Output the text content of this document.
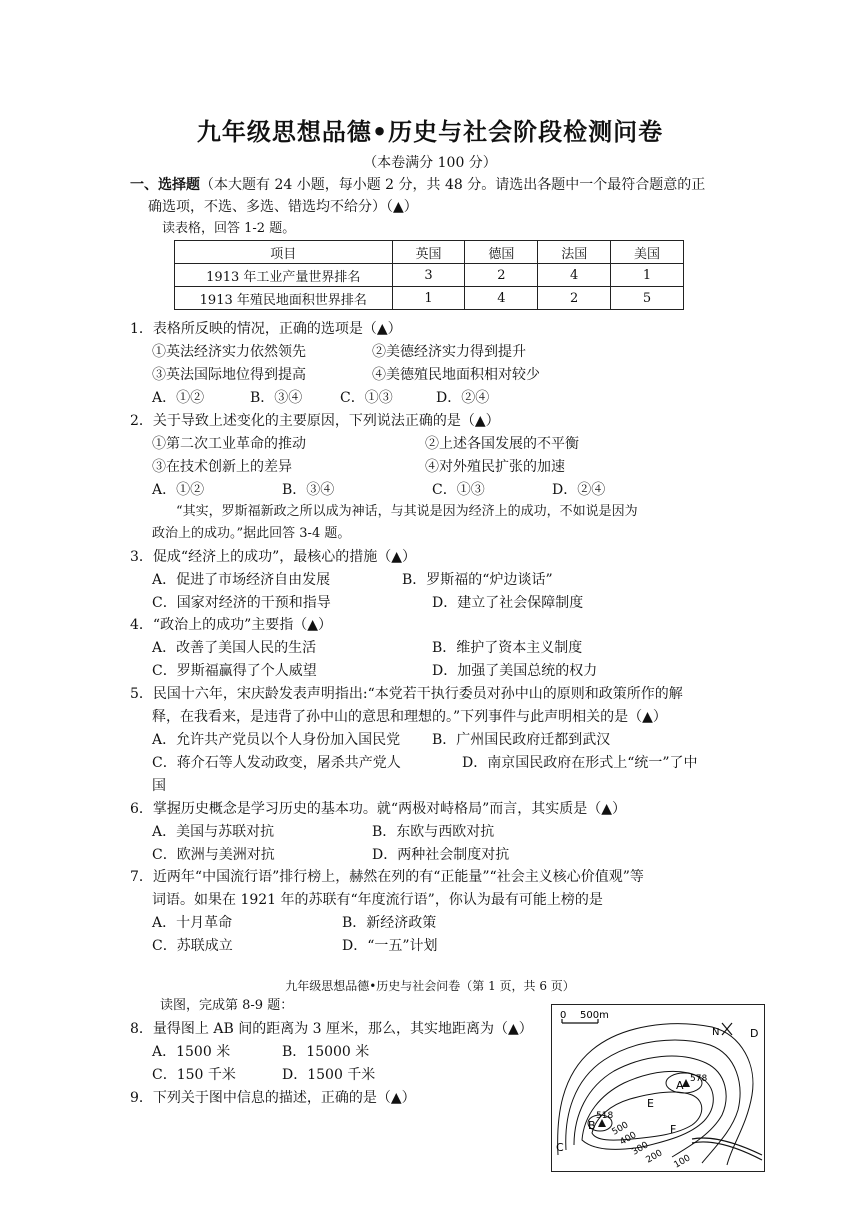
九年级思想品德•历史与社会阶段检测问卷
（本卷满分 100 分）
一、选择题（本大题有 24 小题，每小题 2 分，共 48 分。请选出各题中一个最符合题意的正
确选项，不选、多选、错选均不给分）（▲）
读表格，回答 1-2 题。
项目	英国	德国	法国	美国
1913 年工业产量世界排名	3	2	4	1
1913 年殖民地面积世界排名	1	4	2	5
1．表格所反映的情况，正确的选项是（▲）
①英法经济实力依然领先	②美德经济实力得到提升
③英法国际地位得到提高	④美德殖民地面积相对较少
A．①②	B．③④	C．①③	D．②④
2．关于导致上述变化的主要原因，下列说法正确的是（▲）
①第二次工业革命的推动	②上述各国发展的不平衡
③在技术创新上的差异	④对外殖民扩张的加速
A．①②	B．③④	C．①③	D．②④
“其实，罗斯福新政之所以成为神话，与其说是因为经济上的成功，不如说是因为
政治上的成功。”据此回答 3-4 题。
3．促成“经济上的成功”，最核心的措施（▲）
A．促进了市场经济自由发展	B．罗斯福的“炉边谈话”
C．国家对经济的干预和指导	D．建立了社会保障制度
4．“政治上的成功”主要指（▲）
A．改善了美国人民的生活	B．维护了资本主义制度
C．罗斯福赢得了个人威望	D．加强了美国总统的权力
5．民国十六年，宋庆龄发表声明指出:“本党若干执行委员对孙中山的原则和政策所作的解
释，在我看来，是违背了孙中山的意思和理想的。”下列事件与此声明相关的是（▲）
A．允许共产党员以个人身份加入国民党 B．广州国民政府迁都到武汉
C．蒋介石等人发动政变，屠杀共产党人	D．南京国民政府在形式上“统一”了中
国
6．掌握历史概念是学习历史的基本功。就“两极对峙格局”而言，其实质是（▲）
A．美国与苏联对抗	B．东欧与西欧对抗
C．欧洲与美洲对抗	D．两种社会制度对抗
7．近两年“中国流行语”排行榜上，赫然在列的有“正能量”“社会主义核心价值观”等
词语。如果在 1921 年的苏联有“年度流行语”，你认为最有可能上榜的是
A．十月革命	B．新经济政策
C．苏联成立	D．“一五”计划
九年级思想品德•历史与社会问卷（第 1 页，共 6 页）
读图，完成第 8-9 题：
8．量得图上 AB 间的距离为 3 厘米，那么，其实地距离为（▲）
A．1500 米	B．15000 米
C．150 千米	D．1500 千米
9．下列关于图中信息的描述，正确的是（▲）
0 500m
N
A 578
B
518
C
D
E
F
500
400
300
200 100
